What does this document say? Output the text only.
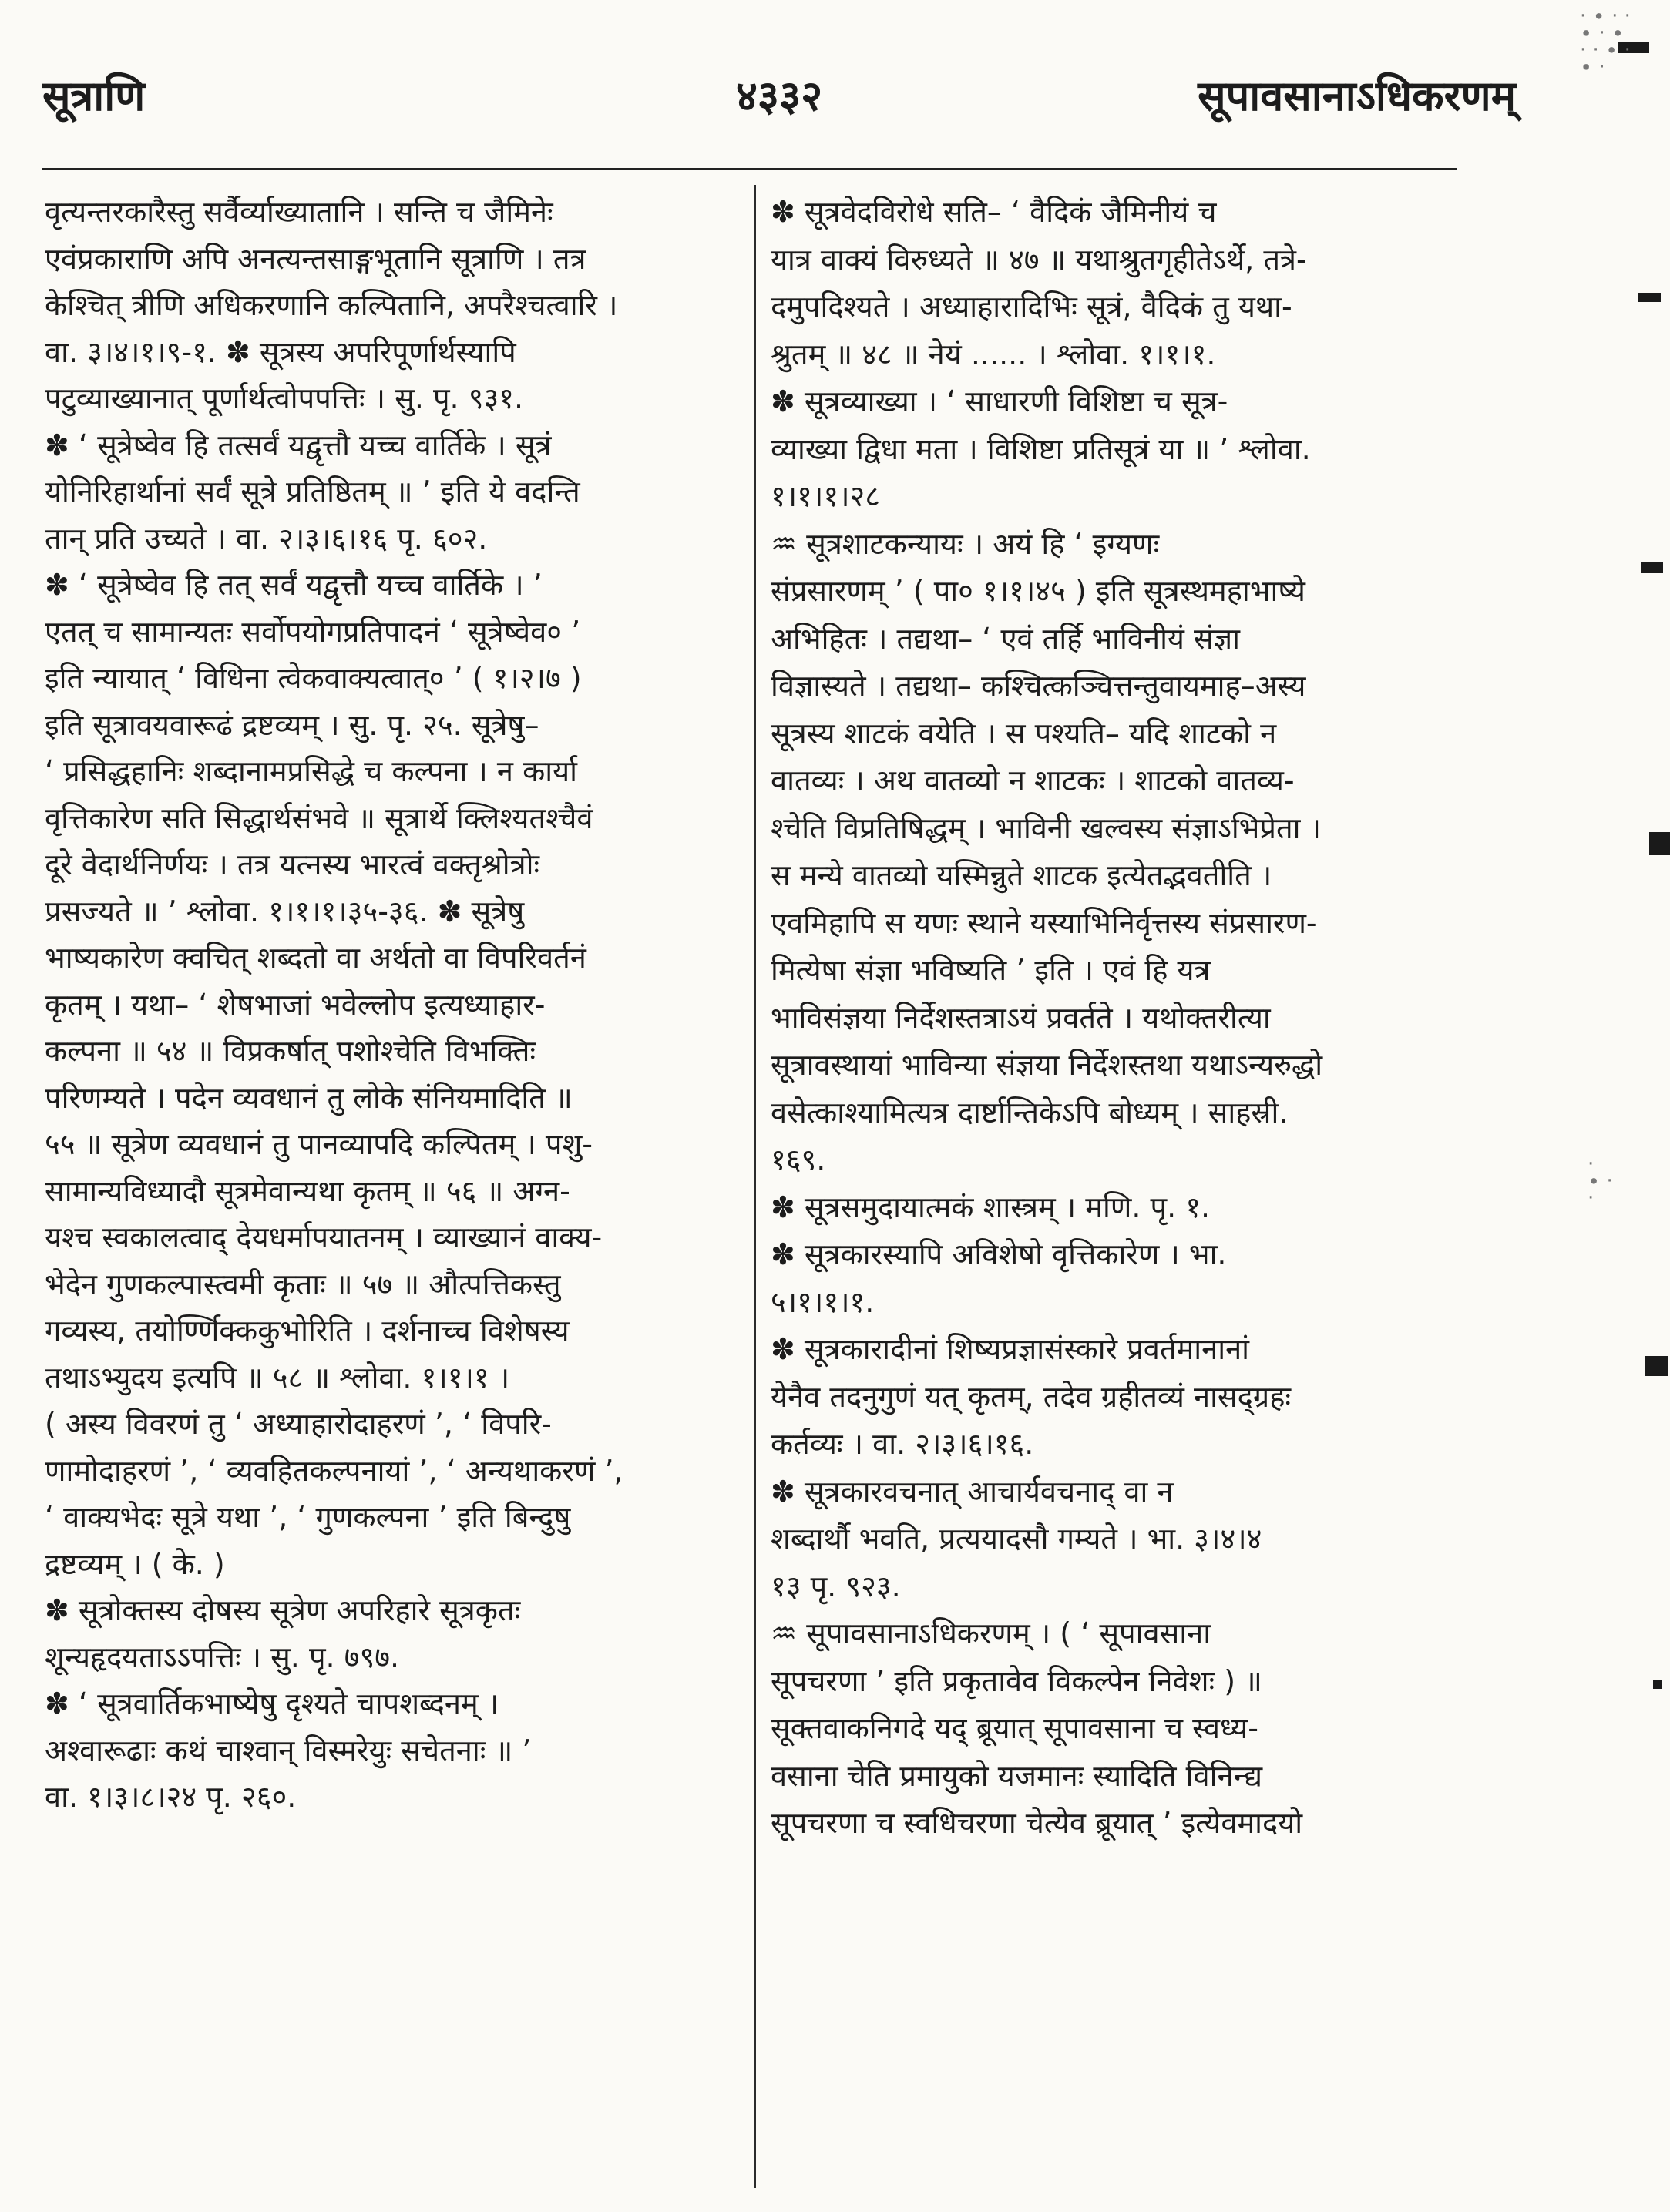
सूत्राणि	४३३२	सूपावसानाऽधिकरणम्

वृत्यन्तरकारैस्तु सर्वैर्व्याख्यातानि । सन्ति च जैमिनेः

एवंप्रकाराणि अपि अनत्यन्तसाङ्गभूतानि सूत्राणि । तत्र

केश्चित् त्रीणि अधिकरणानि कल्पितानि, अपरैश्चत्वारि ।

वा. ३।४।१।९-१. ✽ सूत्रस्य अपरिपूर्णार्थस्यापि

पटुव्याख्यानात् पूर्णार्थत्वोपपत्तिः । सु. पृ. ९३१.

✽ ‘ सूत्रेष्वेव हि तत्सर्वं यद्वृत्तौ यच्च वार्तिके । सूत्रं

योनिरिहार्थानां सर्वं सूत्रे प्रतिष्ठितम् ॥ ’ इति ये वदन्ति

तान् प्रति उच्यते । वा. २।३।६।१६ पृ. ६०२.

✽ ‘ सूत्रेष्वेव हि तत् सर्वं यद्वृत्तौ यच्च वार्तिके । ’

एतत् च सामान्यतः सर्वोपयोगप्रतिपादनं ‘ सूत्रेष्वेव० ’

इति न्यायात् ‘ विधिना त्वेकवाक्यत्वात्० ’ ( १।२।७ )

इति सूत्रावयवारूढं द्रष्टव्यम् । सु. पृ. २५. सूत्रेषु–

‘ प्रसिद्धहानिः शब्दानामप्रसिद्धे च कल्पना । न कार्या

वृत्तिकारेण सति सिद्धार्थसंभवे ॥ सूत्रार्थे क्लिश्यतश्चैवं

दूरे वेदार्थनिर्णयः । तत्र यत्नस्य भारत्वं वक्तृश्रोत्रोः

प्रसज्यते ॥ ’ श्लोवा. १।१।१।३५-३६. ✽ सूत्रेषु

भाष्यकारेण क्वचित् शब्दतो वा अर्थतो वा विपरिवर्तनं

कृतम् । यथा– ‘ शेषभाजां भवेल्लोप इत्यध्याहार-

कल्पना ॥ ५४ ॥ विप्रकर्षात् पशोश्चेति विभक्तिः

परिणम्यते । पदेन व्यवधानं तु लोके संनियमादिति ॥

५५ ॥ सूत्रेण व्यवधानं तु पानव्यापदि कल्पितम् । पशु-

सामान्यविध्यादौ सूत्रमेवान्यथा कृतम् ॥ ५६ ॥ अग्न-

यश्च स्वकालत्वाद् देयधर्मापयातनम् । व्याख्यानं वाक्य-

भेदेन गुणकल्पास्त्वमी कृताः ॥ ५७ ॥ औत्पत्तिकस्तु

गव्यस्य, तयोर्ण्णिक्ककुभोरिति । दर्शनाच्च विशेषस्य

तथाऽभ्युदय इत्यपि ॥ ५८ ॥ श्लोवा. १।१।१ ।

( अस्य विवरणं तु ‘ अध्याहारोदाहरणं ’, ‘ विपरि-

णामोदाहरणं ’, ‘ व्यवहितकल्पनायां ’, ‘ अन्यथाकरणं ’,

‘ वाक्यभेदः सूत्रे यथा ’, ‘ गुणकल्पना ’ इति बिन्दुषु

द्रष्टव्यम् । ( के. )

✽ सूत्रोक्तस्य दोषस्य सूत्रेण अपरिहारे सूत्रकृतः

शून्यहृदयताऽऽपत्तिः । सु. पृ. ७९७.

✽ ‘ सूत्रवार्तिकभाष्येषु दृश्यते चापशब्दनम् ।

अश्वारूढाः कथं चाश्वान् विस्मरेयुः सचेतनाः ॥ ’

वा. १।३।८।२४ पृ. २६०.

✽ सूत्रवेदविरोधे सति– ‘ वैदिकं जैमिनीयं च

यात्र वाक्यं विरुध्यते ॥ ४७ ॥ यथाश्रुतगृहीतेऽर्थे, तत्रे-

दमुपदिश्यते । अध्याहारादिभिः सूत्रं, वैदिकं तु यथा-

श्रुतम् ॥ ४८ ॥ नेयं ...... । श्लोवा. १।१।१.

✽ सूत्रव्याख्या । ‘ साधारणी विशिष्टा च सूत्र-

व्याख्या द्विधा मता । विशिष्टा प्रतिसूत्रं या ॥ ’ श्लोवा.

१।१।१।२८

♒ सूत्रशाटकन्यायः । अयं हि ‘ इग्यणः

संप्रसारणम् ’ ( पा० १।१।४५ ) इति सूत्रस्थमहाभाष्ये

अभिहितः । तद्यथा– ‘ एवं तर्हि भाविनीयं संज्ञा

विज्ञास्यते । तद्यथा– कश्चित्कञ्चित्तन्तुवायमाह–अस्य

सूत्रस्य शाटकं वयेति । स पश्यति– यदि शाटको न

वातव्यः । अथ वातव्यो न शाटकः । शाटको वातव्य-

श्चेति विप्रतिषिद्धम् । भाविनी खल्वस्य संज्ञाऽभिप्रेता ।

स मन्ये वातव्यो यस्मिन्नुते शाटक इत्येतद्भवतीति ।

एवमिहापि स यणः स्थाने यस्याभिनिर्वृत्तस्य संप्रसारण-

मित्येषा संज्ञा भविष्यति ’ इति । एवं हि यत्र

भाविसंज्ञया निर्देशस्तत्राऽयं प्रवर्तते । यथोक्तरीत्या

सूत्रावस्थायां भाविन्या संज्ञया निर्देशस्तथा यथाऽन्यरुद्धो

वसेत्काश्यामित्यत्र दार्ष्टान्तिकेऽपि बोध्यम् । साहस्री.

१६९.

✽ सूत्रसमुदायात्मकं शास्त्रम् । मणि. पृ. १.

✽ सूत्रकारस्यापि अविशेषो वृत्तिकारेण । भा.

५।१।१।१.

✽ सूत्रकारादीनां शिष्यप्रज्ञासंस्कारे प्रवर्तमानानां

येनैव तदनुगुणं यत् कृतम्, तदेव ग्रहीतव्यं नासद्ग्रहः

कर्तव्यः । वा. २।३।६।१६.

✽ सूत्रकारवचनात् आचार्यवचनाद् वा न

शब्दार्थौ भवति, प्रत्ययादसौ गम्यते । भा. ३।४।४

१३ पृ. ९२३.

♒ सूपावसानाऽधिकरणम् । ( ‘ सूपावसाना

सूपचरणा ’ इति प्रकृतावेव विकल्पेन निवेशः ) ॥

सूक्तवाकनिगदे यद् ब्रूयात् सूपावसाना च स्वध्य-

वसाना चेति प्रमायुको यजमानः स्यादिति विनिन्द्य

सूपचरणा च स्वधिचरणा चेत्येव ब्रूयात् ’ इत्येवमादयो

· ∙ · ·
∙ · ∙
· · ∙ ·
∙ ·
·
∙ ·
·
